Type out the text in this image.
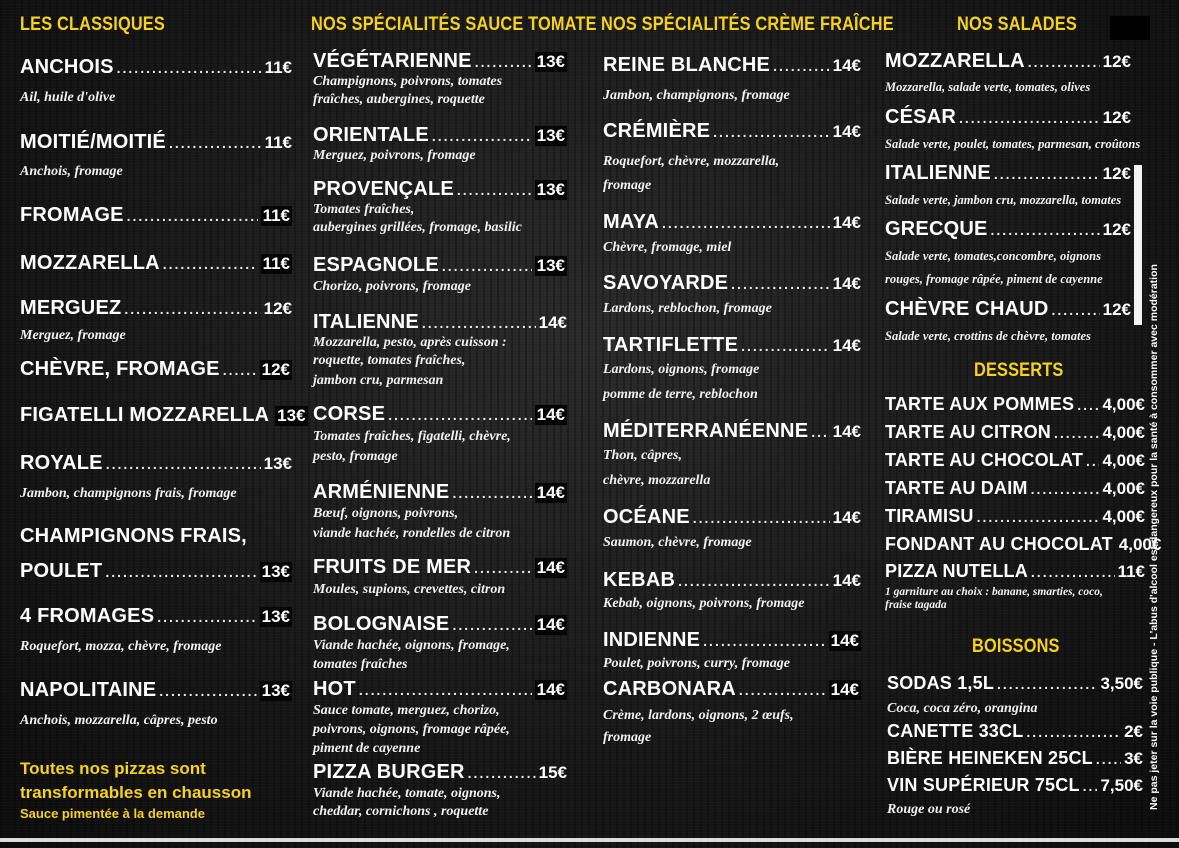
LES CLASSIQUES	NOS SPÉCIALITÉS SAUCE TOMATE NOS SPÉCIALITÉS CRÈME FRAÎCHE	NOS SALADES
ANCHOIS .....	11€
Ail, huile d'olive
MOITIÉ/MOITIÉ .....	11€
Anchois, fromage
FROMAGE .....	11€
MOZZARELLA .....	11€
MERGUEZ .....	12€
Merguez, fromage
CHÈVRE, FROMAGE ..... 12€
FIGATELLI MOZZARELLA 13€
ROYALE .....	13€
Jambon, champignons frais, fromage
CHAMPIGNONS FRAIS,
POULET .....	13€
4 FROMAGES .....	13€
Roquefort, mozza, chèvre, fromage
NAPOLITAINE .....	13€
Anchois, mozzarella, câpres, pesto
Toutes nos pizzas sont
transformables en chausson
Sauce pimentée à la demande
VÉGÉTARIENNE .....	13€
Champignons, poivrons, tomates
fraîches, aubergines, roquette
ORIENTALE .....	13€
Merguez, poivrons, fromage
PROVENÇALE .....	13€
Tomates fraîches,
aubergines grillées, fromage, basilic
ESPAGNOLE .....	13€
Chorizo, poivrons, fromage
ITALIENNE .....	14€
Mozzarella, pesto, après cuisson :
roquette, tomates fraîches,
jambon cru, parmesan
CORSE .....	14€
Tomates fraîches, figatelli, chèvre,
pesto, fromage
ARMÉNIENNE .....	14€
Bœuf, oignons, poivrons,
viande hachée, rondelles de citron
FRUITS DE MER .....	14€
Moules, supions, crevettes, citron
BOLOGNAISE .....	14€
Viande hachée, oignons, fromage,
tomates fraîches
HOT .....	14€
Sauce tomate, merguez, chorizo,
poivrons, oignons, fromage râpée,
piment de cayenne
PIZZA BURGER .....	15€
Viande hachée, tomate, oignons,
cheddar, cornichons , roquette
REINE BLANCHE .....	14€
Jambon, champignons, fromage
CRÉMIÈRE .....	14€
Roquefort, chèvre, mozzarella,
fromage
MAYA .....	14€
Chèvre, fromage, miel
SAVOYARDE .....	14€
Lardons, reblochon, fromage
TARTIFLETTE .....	14€
Lardons, oignons, fromage
pomme de terre, reblochon
MÉDITERRANÉENNE ..... 14€
Thon, câpres,
chèvre, mozzarella
OCÉANE .....	14€
Saumon, chèvre, fromage
KEBAB .....	14€
Kebab, oignons, poivrons, fromage
INDIENNE .....	14€
Poulet, poivrons, curry, fromage
CARBONARA .....	14€
Crème, lardons, oignons, 2 œufs,
fromage
MOZZARELLA .....	12€
Mozzarella, salade verte, tomates, olives
CÉSAR .....	12€
Salade verte, poulet, tomates, parmesan, croûtons
ITALIENNE .....	12€
Salade verte, jambon cru, mozzarella, tomates
GRECQUE .....	12€
Salade verte, tomates,concombre, oignons
rouges, fromage râpée, piment de cayenne
CHÈVRE CHAUD .....	12€
Salade verte, crottins de chèvre, tomates
DESSERTS
TARTE AUX POMMES ..... 4,00€
TARTE AU CITRON .....	4,00€
TARTE AU CHOCOLAT ..... 4,00€
TARTE AU DAIM .....	4,00€
TIRAMISU .....	4,00€
FONDANT AU CHOCOLAT 4,00€
PIZZA NUTELLA .....	11€
1 garniture au choix : banane, smarties, coco,
fraise tagada
BOISSONS
SODAS 1,5L .....	3,50€
Coca, coca zéro, orangina
CANETTE 33CL .....	2€
BIÈRE HEINEKEN 25CL ..... 3€
VIN SUPÉRIEUR 75CL ..... 7,50€
Rouge ou rosé	Ne pas jeter sur la voie publique - L'abus d'alcool est dangereux pour la santé à consommer avec modération
